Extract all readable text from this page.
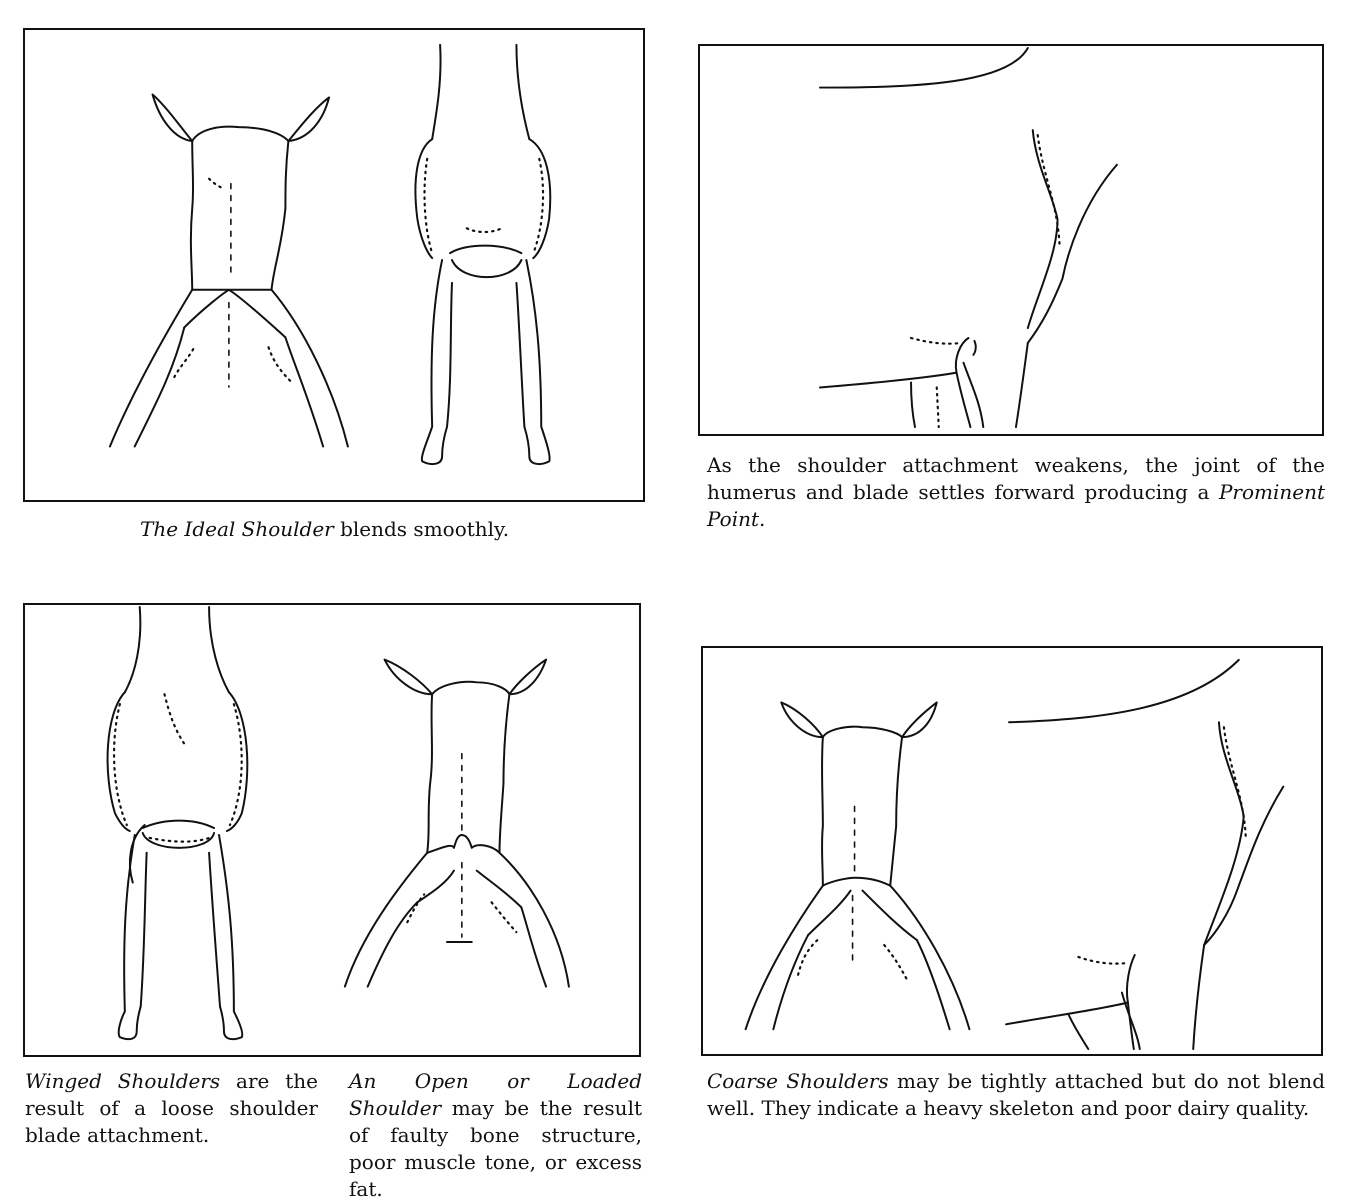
The Ideal Shoulder blends smoothly.
As the shoulder attachment weakens, the joint of the humerus and blade settles forward producing a Prominent Point.
Winged Shoulders are the result of a loose shoulder blade attachment.
An Open or Loaded Shoulder may be the result of faulty bone structure, poor muscle tone, or excess fat.
Coarse Shoulders may be tightly attached but do not blend well. They indicate a heavy skeleton and poor dairy quality.
